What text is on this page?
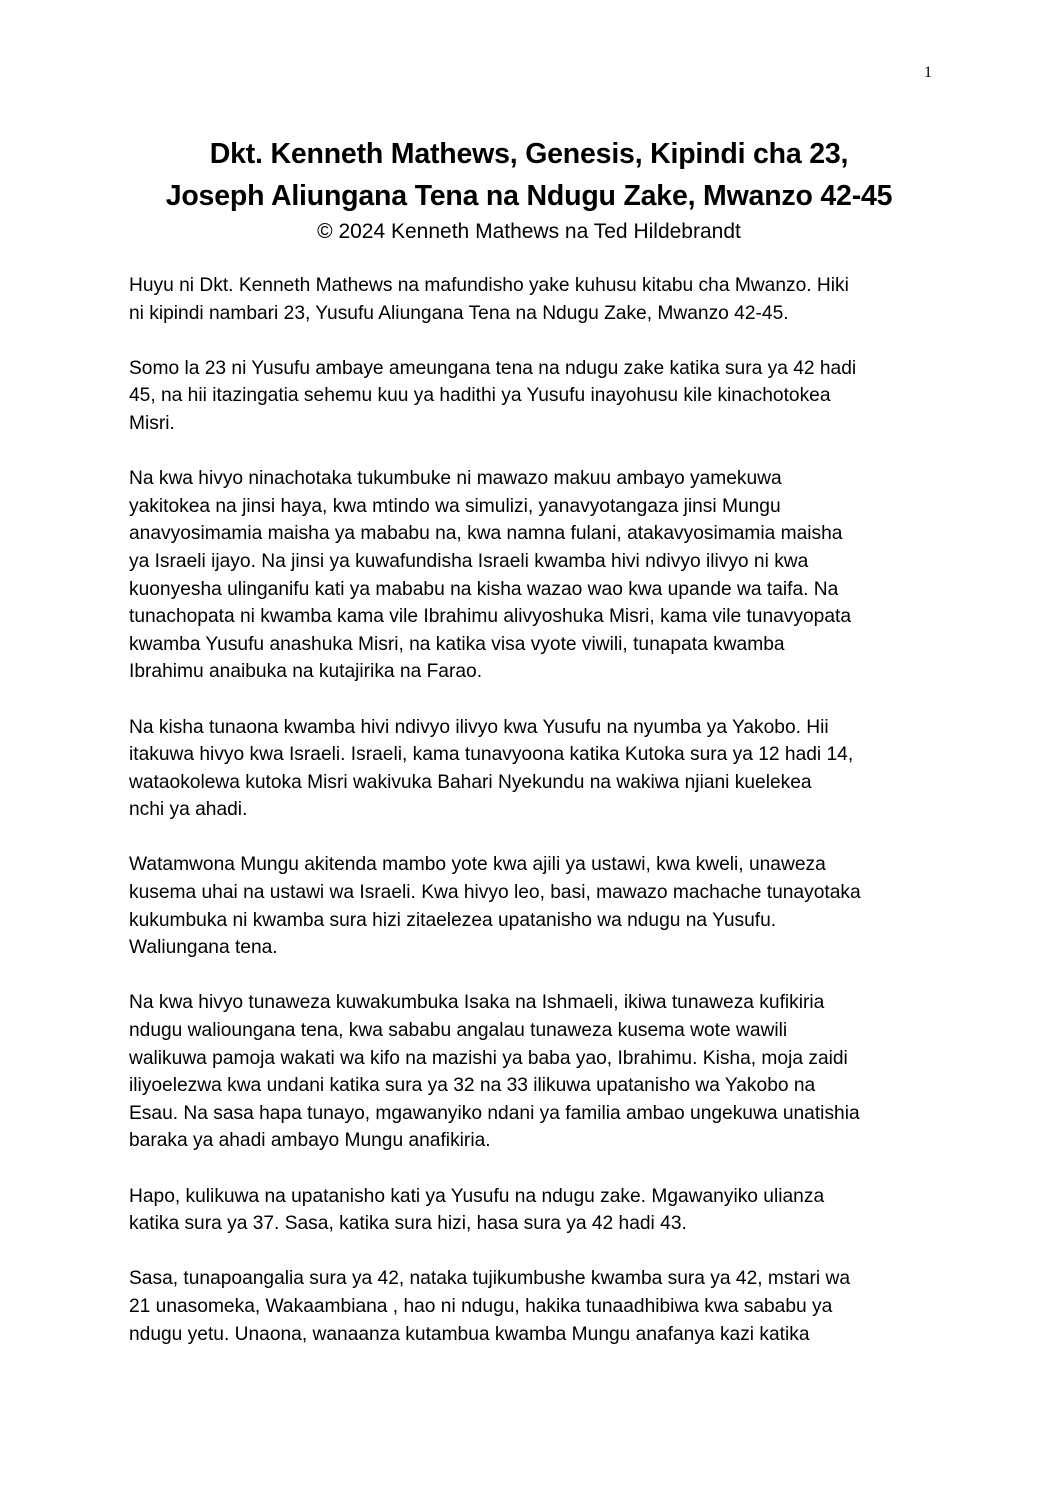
1
Dkt. Kenneth Mathews, Genesis, Kipindi cha 23,
Joseph Aliungana Tena na Ndugu Zake, Mwanzo 42-45
© 2024 Kenneth Mathews na Ted Hildebrandt
Huyu ni Dkt. Kenneth Mathews na mafundisho yake kuhusu kitabu cha Mwanzo. Hiki
ni kipindi nambari 23, Yusufu Aliungana Tena na Ndugu Zake, Mwanzo 42-45.
Somo la 23 ni Yusufu ambaye ameungana tena na ndugu zake katika sura ya 42 hadi
45, na hii itazingatia sehemu kuu ya hadithi ya Yusufu inayohusu kile kinachotokea
Misri.
Na kwa hivyo ninachotaka tukumbuke ni mawazo makuu ambayo yamekuwa
yakitokea na jinsi haya, kwa mtindo wa simulizi, yanavyotangaza jinsi Mungu
anavyosimamia maisha ya mababu na, kwa namna fulani, atakavyosimamia maisha
ya Israeli ijayo. Na jinsi ya kuwafundisha Israeli kwamba hivi ndivyo ilivyo ni kwa
kuonyesha ulinganifu kati ya mababu na kisha wazao wao kwa upande wa taifa. Na
tunachopata ni kwamba kama vile Ibrahimu alivyoshuka Misri, kama vile tunavyopata
kwamba Yusufu anashuka Misri, na katika visa vyote viwili, tunapata kwamba
Ibrahimu anaibuka na kutajirika na Farao.
Na kisha tunaona kwamba hivi ndivyo ilivyo kwa Yusufu na nyumba ya Yakobo. Hii
itakuwa hivyo kwa Israeli. Israeli, kama tunavyoona katika Kutoka sura ya 12 hadi 14,
wataokolewa kutoka Misri wakivuka Bahari Nyekundu na wakiwa njiani kuelekea
nchi ya ahadi.
Watamwona Mungu akitenda mambo yote kwa ajili ya ustawi, kwa kweli, unaweza
kusema uhai na ustawi wa Israeli. Kwa hivyo leo, basi, mawazo machache tunayotaka
kukumbuka ni kwamba sura hizi zitaelezea upatanisho wa ndugu na Yusufu.
Waliungana tena.
Na kwa hivyo tunaweza kuwakumbuka Isaka na Ishmaeli, ikiwa tunaweza kufikiria
ndugu walioungana tena, kwa sababu angalau tunaweza kusema wote wawili
walikuwa pamoja wakati wa kifo na mazishi ya baba yao, Ibrahimu. Kisha, moja zaidi
iliyoelezwa kwa undani katika sura ya 32 na 33 ilikuwa upatanisho wa Yakobo na
Esau. Na sasa hapa tunayo, mgawanyiko ndani ya familia ambao ungekuwa unatishia
baraka ya ahadi ambayo Mungu anafikiria.
Hapo, kulikuwa na upatanisho kati ya Yusufu na ndugu zake. Mgawanyiko ulianza
katika sura ya 37. Sasa, katika sura hizi, hasa sura ya 42 hadi 43.
Sasa, tunapoangalia sura ya 42, nataka tujikumbushe kwamba sura ya 42, mstari wa
21 unasomeka, Wakaambiana , hao ni ndugu, hakika tunaadhibiwa kwa sababu ya
ndugu yetu. Unaona, wanaanza kutambua kwamba Mungu anafanya kazi katika
